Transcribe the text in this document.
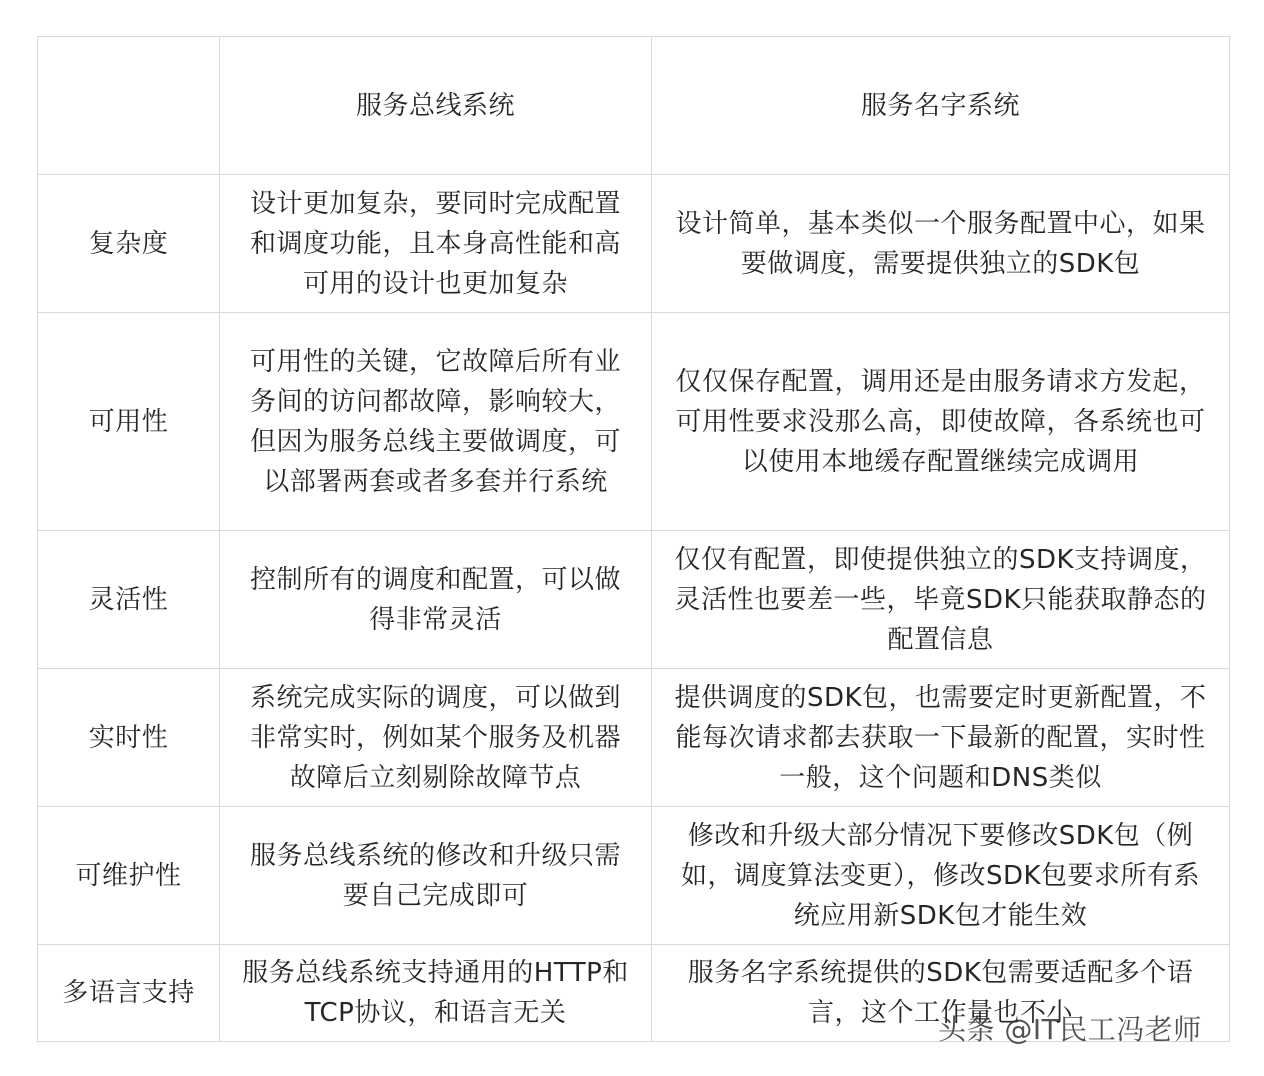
	服务总线系统	服务名字系统
复杂度	设计更加复杂，要同时完成配置和调度功能，且本身高性能和高可用的设计也更加复杂	设计简单，基本类似一个服务配置中心，如果要做调度，需要提供独立的SDK包
可用性	可用性的关键，它故障后所有业务间的访问都故障，影响较大，但因为服务总线主要做调度，可以部署两套或者多套并行系统	仅仅保存配置，调用还是由服务请求方发起，可用性要求没那么高，即使故障，各系统也可以使用本地缓存配置继续完成调用
灵活性	控制所有的调度和配置，可以做得非常灵活	仅仅有配置，即使提供独立的SDK支持调度，灵活性也要差一些，毕竟SDK只能获取静态的配置信息
实时性	系统完成实际的调度，可以做到非常实时，例如某个服务及机器故障后立刻剔除故障节点	提供调度的SDK包，也需要定时更新配置，不能每次请求都去获取一下最新的配置，实时性一般，这个问题和DNS类似
可维护性	服务总线系统的修改和升级只需要自己完成即可	修改和升级大部分情况下要修改SDK包（例如，调度算法变更），修改SDK包要求所有系统应用新SDK包才能生效
多语言支持	服务总线系统支持通用的HTTP和TCP协议，和语言无关	服务名字系统提供的SDK包需要适配多个语言，这个工作量也不小
头条 @IT民工冯老师
